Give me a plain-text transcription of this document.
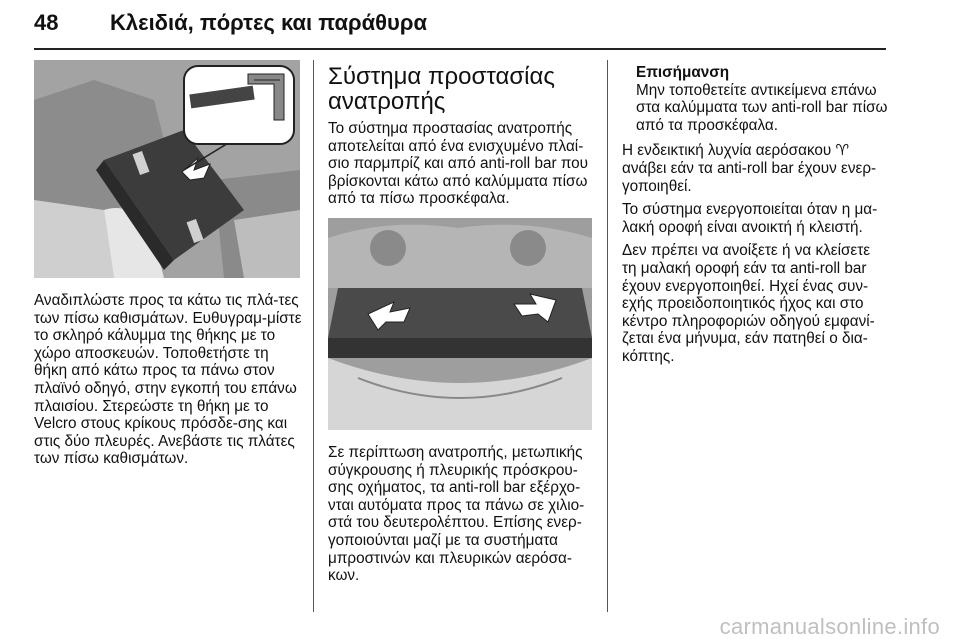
48 Κλειδιά, πόρτες και παράθυρα

Αναδιπλώστε προς τα κάτω τις πλά-τες των πίσω καθισμάτων. Ευθυγραμ-μίστε το σκληρό κάλυμμα της θήκης με το χώρο αποσκευών. Τοποθετήστε τη θήκη από κάτω προς τα πάνω στον πλαϊνό οδηγό, στην εγκοπή του επάνω πλαισίου. Στερεώστε τη θήκη με το Velcro στους κρίκους πρόσδε-σης και στις δύο πλευρές. Ανεβάστε τις πλάτες των πίσω καθισμάτων.

Σύστημα προστασίας ανατροπής

Το σύστημα προστασίας ανατροπής αποτελείται από ένα ενισχυμένο πλαί-σιο παρμπρίζ και από anti-roll bar που βρίσκονται κάτω από καλύμματα πίσω από τα πίσω προσκέφαλα.

Σε περίπτωση ανατροπής, μετωπικής σύγκρουσης ή πλευρικής πρόσκρου-σης οχήματος, τα anti-roll bar εξέρχο-νται αυτόματα προς τα πάνω σε χιλιο-στά του δευτερολέπτου. Επίσης ενερ-γοποιούνται μαζί με τα συστήματα μπροστινών και πλευρικών αερόσα-κων.

Επισήμανση
Μην τοποθετείτε αντικείμενα επάνω στα καλύμματα των anti-roll bar πίσω από τα προσκέφαλα.

Η ενδεικτική λυχνία αερόσακου ♈ ανάβει εάν τα anti-roll bar έχουν ενερ-γοποιηθεί.

Το σύστημα ενεργοποιείται όταν η μα-λακή οροφή είναι ανοικτή ή κλειστή.

Δεν πρέπει να ανοίξετε ή να κλείσετε τη μαλακή οροφή εάν τα anti-roll bar έχουν ενεργοποιηθεί. Ηχεί ένας συν-εχής προειδοποιητικός ήχος και στο κέντρο πληροφοριών οδηγού εμφανί-ζεται ένα μήνυμα, εάν πατηθεί ο δια-κόπτης.

carmanualsonline.info
